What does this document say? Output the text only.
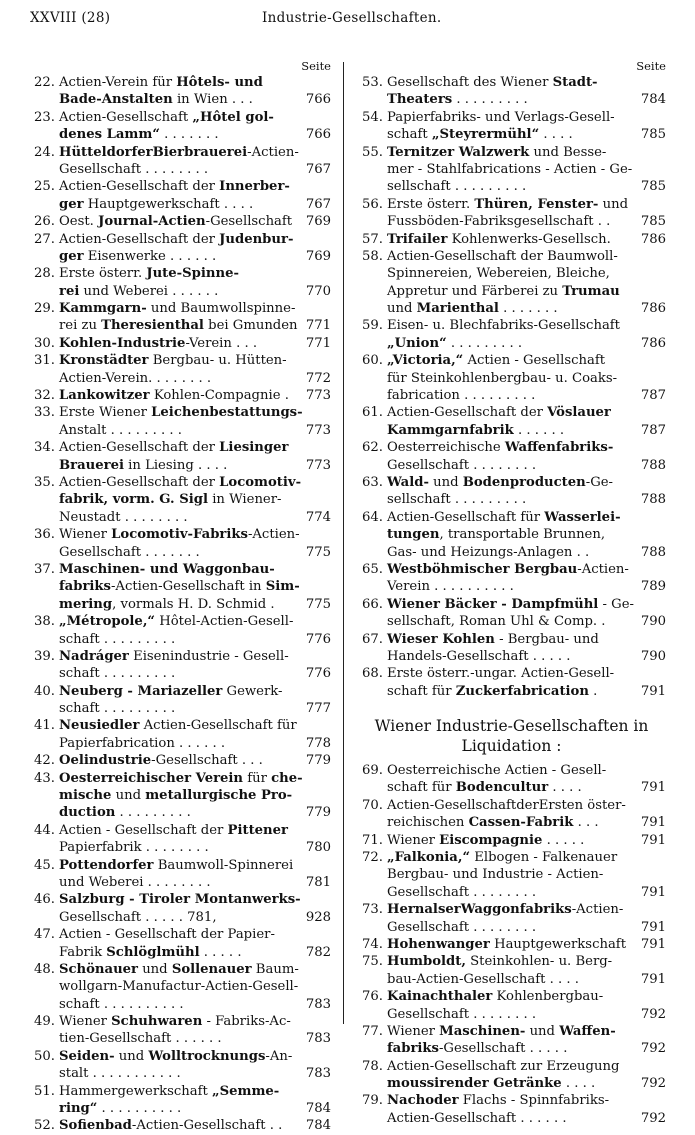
XXVIII (28)	Industrie-Gesellschaften.
Seite
22. Actien-Verein für Hôtels- und
Bade-Anstalten in Wien . . .	766
23. Actien-Gesellschaft „Hôtel gol-
denes Lamm“ . . . . . . .	766
24. HütteldorferBierbrauerei-Actien-
Gesellschaft . . . . . . . .	767
25. Actien-Gesellschaft der Innerber-
ger Hauptgewerkschaft . . . .	767
26. Oest. Journal-Actien-Gesellschaft 769
27. Actien-Gesellschaft der Judenbur-
ger Eisenwerke . . . . . .	769
28. Erste österr. Jute-Spinne-
rei und Weberei . . . . . .	770
29. Kammgarn- und Baumwollspinne-
rei zu Theresienthal bei Gmunden 771
30. Kohlen-Industrie-Verein . . .	771
31. Kronstädter Bergbau- u. Hütten-
Actien-Verein. . . . . . . .	772
32. Lankowitzer Kohlen-Compagnie . 773
33. Erste Wiener Leichenbestattungs-
Anstalt . . . . . . . . .	773
34. Actien-Gesellschaft der Liesinger
Brauerei in Liesing . . . .	773
35. Actien-Gesellschaft der Locomotiv-
fabrik, vorm. G. Sigl in Wiener-
Neustadt . . . . . . . .	774
36. Wiener Locomotiv-Fabriks-Actien-
Gesellschaft . . . . . . .	775
37. Maschinen- und Waggonbau-
fabriks-Actien-Gesellschaft in Sim-
mering, vormals H. D. Schmid . 775
38. „Métropole,“ Hôtel-Actien-Gesell-
schaft . . . . . . . . .	776
39. Nadráger Eisenindustrie - Gesell-
schaft . . . . . . . . .	776
40. Neuberg - Mariazeller Gewerk-
schaft . . . . . . . . .	777
41. Neusiedler Actien-Gesellschaft für
Papierfabrication . . . . . .	778
42. Oelindustrie-Gesellschaft . . .	779
43. Oesterreichischer Verein für che-
mische und metallurgische Pro-
duction . . . . . . . . .	779
44. Actien - Gesellschaft der Pittener
Papierfabrik . . . . . . . .	780
45. Pottendorfer Baumwoll-Spinnerei
und Weberei . . . . . . . .	781
46. Salzburg - Tiroler Montanwerks-
Gesellschaft . . . . . 781,	928
47. Actien - Gesellschaft der Papier-
Fabrik Schlöglmühl . . . . .	782
48. Schönauer und Sollenauer Baum-
wollgarn-Manufactur-Actien-Gesell-
schaft . . . . . . . . . .	783
49. Wiener Schuhwaren - Fabriks-Ac-
tien-Gesellschaft . . . . . .	783
50. Seiden- und Wolltrocknungs-An-
stalt . . . . . . . . . . .	783
51. Hammergewerkschaft „Semme-
ring“ . . . . . . . . . .	784
52. Sofienbad-Actien-Gesellschaft . . 784
Seite
53. Gesellschaft des Wiener Stadt-
Theaters . . . . . . . . .	784
54. Papierfabriks- und Verlags-Gesell-
schaft „Steyrermühl“ . . . .	785
55. Ternitzer Walzwerk und Besse-
mer - Stahlfabrications - Actien - Ge-
sellschaft . . . . . . . . .	785
56. Erste österr. Thüren, Fenster- und
Fussböden-Fabriksgesellschaft . . 785
57. Trifailer Kohlenwerks-Gesellsch. 786
58. Actien-Gesellschaft der Baumwoll-
Spinnereien, Webereien, Bleiche,
Appretur und Färberei zu Trumau
und Marienthal . . . . . . .	786
59. Eisen- u. Blechfabriks-Gesellschaft
„Union“ . . . . . . . . .	786
60. „Victoria,“ Actien - Gesellschaft
für Steinkohlenbergbau- u. Coaks-
fabrication . . . . . . . . .	787
61. Actien-Gesellschaft der Vöslauer
Kammgarnfabrik . . . . . .	787
62. Oesterreichische Waffenfabriks-
Gesellschaft . . . . . . . .	788
63. Wald- und Bodenproducten-Ge-
sellschaft . . . . . . . . .	788
64. Actien-Gesellschaft für Wasserlei-
tungen, transportable Brunnen,
Gas- und Heizungs-Anlagen . .	788
65. Westböhmischer Bergbau-Actien-
Verein . . . . . . . . . .	789
66. Wiener Bäcker - Dampfmühl - Ge-
sellschaft, Roman Uhl & Comp. .	790
67. Wieser Kohlen - Bergbau- und
Handels-Gesellschaft . . . . .	790
68. Erste österr.-ungar. Actien-Gesell-
schaft für Zuckerfabrication .	791
Wiener Industrie-Gesellschaften in
Liquidation :
69. Oesterreichische Actien - Gesell-
schaft für Bodencultur . . . .	791
70. Actien-GesellschaftderErsten öster-
reichischen Cassen-Fabrik . . .	791
71. Wiener Eiscompagnie . . . . .	791
72. „Falkonia,“ Elbogen - Falkenauer
Bergbau- und Industrie - Actien-
Gesellschaft . . . . . . . .	791
73. HernalserWaggonfabriks-Actien-
Gesellschaft . . . . . . . .	791
74. Hohenwanger Hauptgewerkschaft 791
75. Humboldt, Steinkohlen- u. Berg-
bau-Actien-Gesellschaft . . . .	791
76. Kainachthaler Kohlenbergbau-
Gesellschaft . . . . . . . .	792
77. Wiener Maschinen- und Waffen-
fabriks-Gesellschaft . . . . .	792
78. Actien-Gesellschaft zur Erzeugung
moussirender Getränke . . . .	792
79. Nachoder Flachs - Spinnfabriks-
Actien-Gesellschaft . . . . . .	792
